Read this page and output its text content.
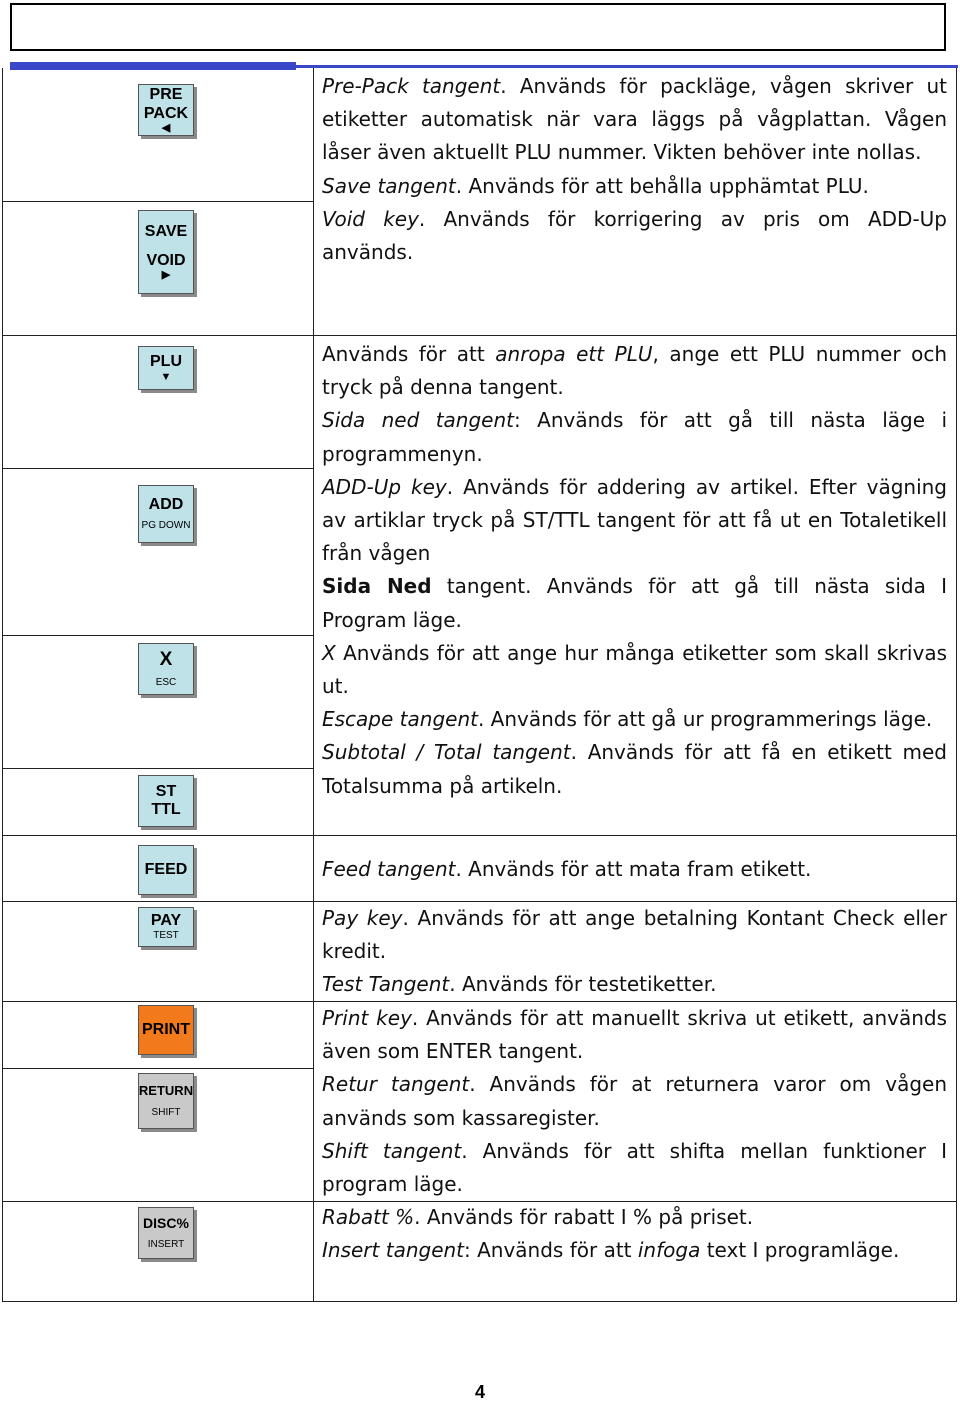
PRE
PACK
◀
SAVE
VOID
▶
PLU
▼
ADD
PG DOWN
X
ESC
ST
TTL
FEED
PAY
TEST
PRINT
RETURN
SHIFT
DISC%
INSERT

Pre-Pack tangent. Används för packläge, vågen skriver ut etiketter automatisk när vara läggs på vågplattan. Vågen låser även aktuellt PLU nummer. Vikten behöver inte nollas.

Save tangent. Används för att behålla upphämtat PLU.

Void key. Används för korrigering av pris om ADD-Up används.

Används för att anropa ett PLU, ange ett PLU nummer och tryck på denna tangent.

Sida ned tangent: Används för att gå till nästa läge i programmenyn.

ADD-Up key. Används för addering av artikel. Efter vägning av artiklar tryck på ST/TTL tangent för att få ut en Totaletikell från vågen

Sida Ned tangent. Används för att gå till nästa sida I Program läge.

X Används för att ange hur många etiketter som skall skrivas ut.

Escape tangent. Används för att gå ur programmerings läge.

Subtotal / Total tangent. Används för att få en etikett med Totalsumma på artikeln.

Feed tangent. Används för att mata fram etikett.

Pay key. Används för att ange betalning Kontant Check eller kredit.

Test Tangent. Används för testetiketter.

Print key. Används för att manuellt skriva ut etikett, används även som ENTER tangent.

Retur tangent. Används för at returnera varor om vågen används som kassaregister.

Shift tangent. Används för att shifta mellan funktioner I program läge.

Rabatt %. Används för rabatt I % på priset.

Insert tangent: Används för att infoga text I programläge.

4
